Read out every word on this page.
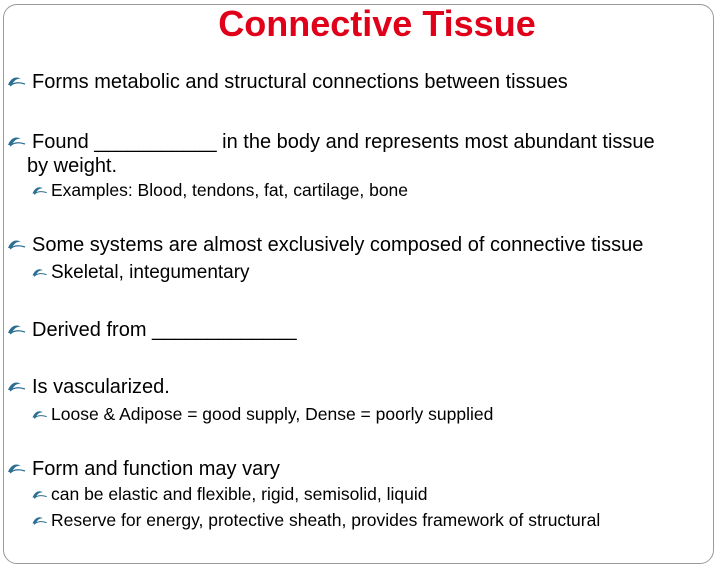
Connective Tissue
Forms metabolic and structural connections between tissues
Found ___________ in the body and represents most abundant tissue
by weight.
Examples: Blood, tendons, fat, cartilage, bone
Some systems are almost exclusively composed of connective tissue
Skeletal, integumentary
Derived from _____________
Is vascularized.
Loose & Adipose = good supply, Dense = poorly supplied
Form and function may vary
can be elastic and flexible, rigid, semisolid, liquid
Reserve for energy, protective sheath, provides framework of structural
